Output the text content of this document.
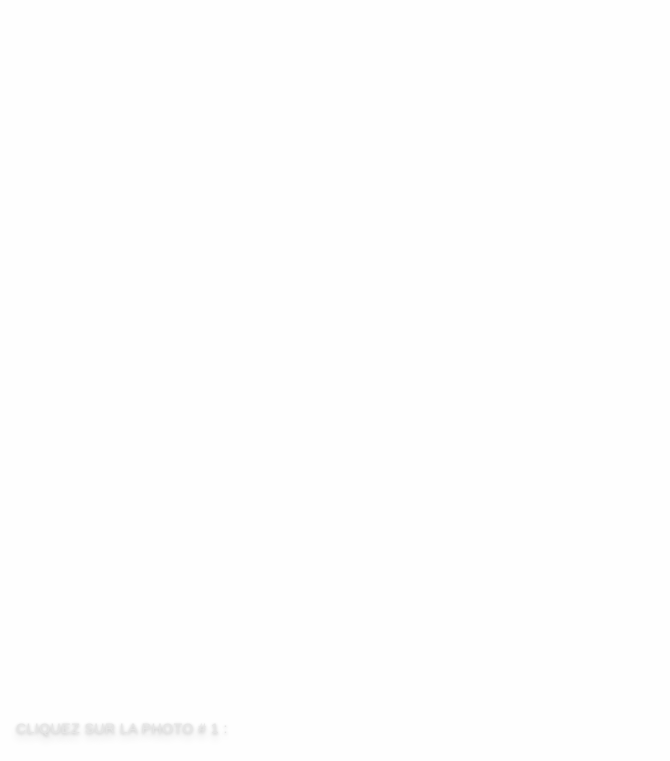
CLIQUEZ SUR LA PHOTO # 1 :
